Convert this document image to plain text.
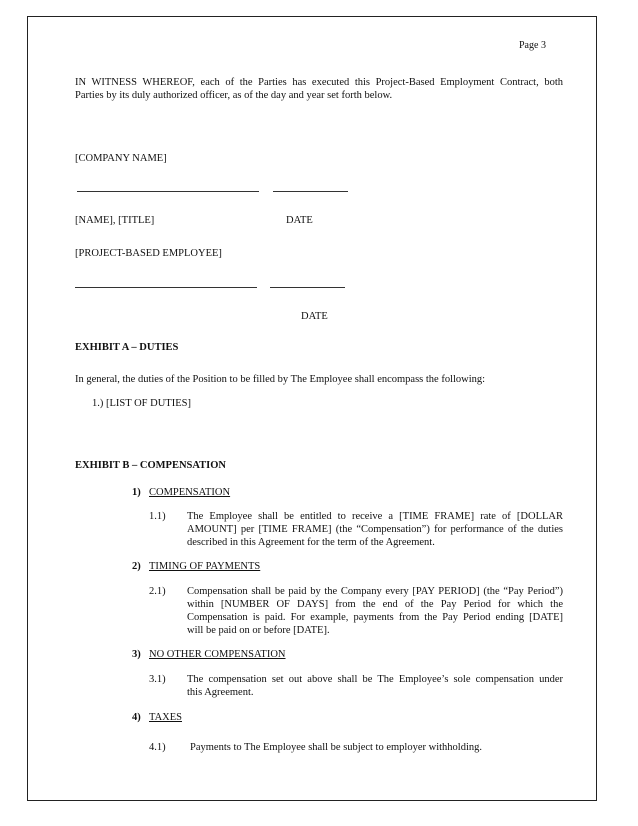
Page 3
IN WITNESS WHEREOF, each of the Parties has executed this Project-Based Employment Contract, both
Parties by its duly authorized officer, as of the day and year set forth below.
[COMPANY NAME]
[NAME], [TITLE]	DATE
[PROJECT-BASED EMPLOYEE]
DATE
EXHIBIT A – DUTIES
In general, the duties of the Position to be filled by The Employee shall encompass the following:
1.) [LIST OF DUTIES]
EXHIBIT B – COMPENSATION
1) COMPENSATION
1.1) The Employee shall be entitled to receive a [TIME FRAME] rate of [DOLLAR
AMOUNT] per [TIME FRAME] (the “Compensation”) for performance of the duties
described in this Agreement for the term of the Agreement.
2) TIMING OF PAYMENTS
2.1) Compensation shall be paid by the Company every [PAY PERIOD] (the “Pay Period”)
within [NUMBER OF DAYS] from the end of the Pay Period for which the
Compensation is paid. For example, payments from the Pay Period ending [DATE]
will be paid on or before [DATE].
3) NO OTHER COMPENSATION
3.1) The compensation set out above shall be The Employee’s sole compensation under
this Agreement.
4) TAXES
4.1) Payments to The Employee shall be subject to employer withholding.
